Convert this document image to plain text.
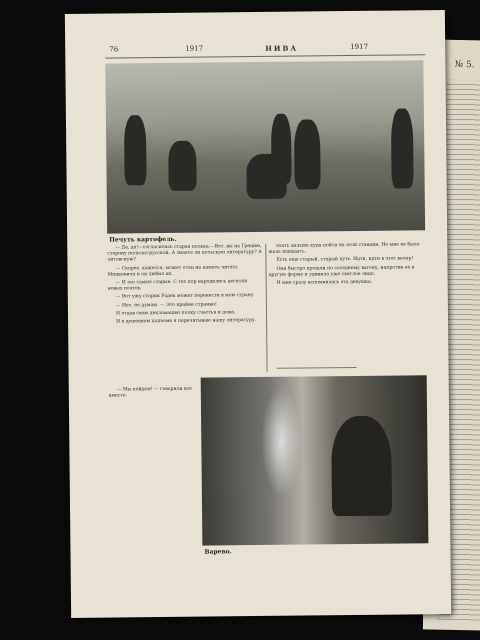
№ 5.
76	1917	НИВА	1917
Печуть картофель.

— Да, да!—согласилась старая полька.—Вот, вы на Грецию, сторону польско-русской. А знаете ли польскую литературу? А литовскую?

— Скорее, кажется, может отец на память читать Мицкевича и он любил их.

— И это самые старые. С тех пор народились десятки новых поэтов.

— Вот ужу старик Радек может перенести в мою страну

— Нет, не думаю. — Это крайне странно!

И отдав свою деклaмацию полку счастья и дома.

И в душевном подъеме я перечитываю нашу литературу.

ехать дальше куда пойти на этой станции. Но мне ее было жаль покидать.

Есть еще старый, старый путь. Идти, идти в этот вечер!

Они быстро прошли по соседнему вагону, напротив ее в другую форму и удивила уже светлое лицо.

И мне сразу вспомнилась эта девушка.

— Мы пойдем! — говорили все вместе.

Варево.
